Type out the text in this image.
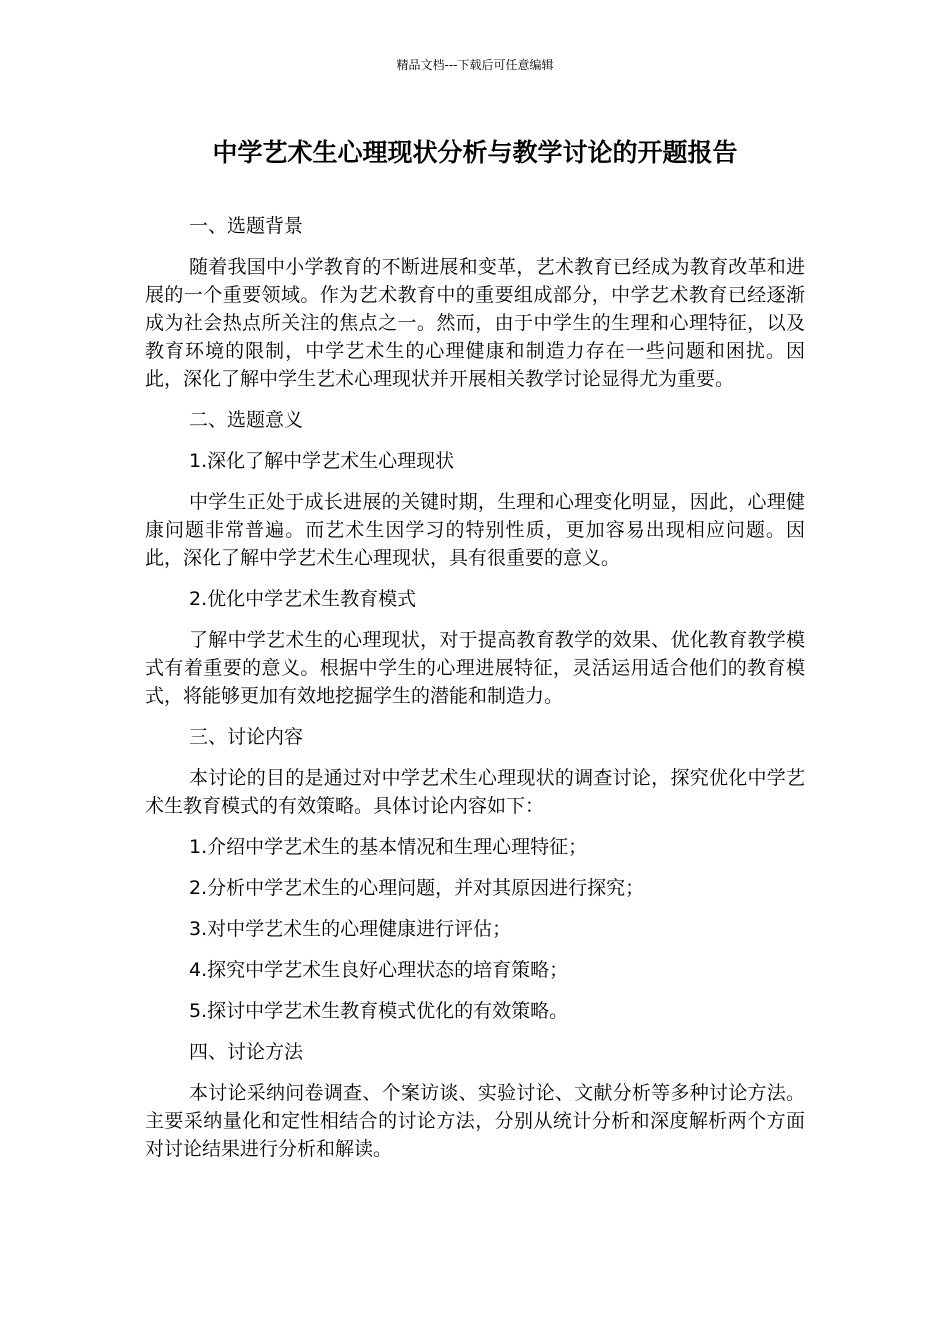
精品文档---下载后可任意编辑
中学艺术生心理现状分析与教学讨论的开题报告
一、选题背景

随着我国中小学教育的不断进展和变革，艺术教育已经成为教育改革和进展的一个重要领域。作为艺术教育中的重要组成部分，中学艺术教育已经逐渐成为社会热点所关注的焦点之一。然而，由于中学生的生理和心理特征，以及教育环境的限制，中学艺术生的心理健康和制造力存在一些问题和困扰。因此，深化了解中学生艺术心理现状并开展相关教学讨论显得尤为重要。

二、选题意义
1.深化了解中学艺术生心理现状

中学生正处于成长进展的关键时期，生理和心理变化明显，因此，心理健康问题非常普遍。而艺术生因学习的特别性质，更加容易出现相应问题。因此，深化了解中学艺术生心理现状，具有很重要的意义。

2.优化中学艺术生教育模式

了解中学艺术生的心理现状，对于提高教育教学的效果、优化教育教学模式有着重要的意义。根据中学生的心理进展特征，灵活运用适合他们的教育模式，将能够更加有效地挖掘学生的潜能和制造力。

三、讨论内容

本讨论的目的是通过对中学艺术生心理现状的调查讨论，探究优化中学艺术生教育模式的有效策略。具体讨论内容如下：

1.介绍中学艺术生的基本情况和生理心理特征；
2.分析中学艺术生的心理问题，并对其原因进行探究；
3.对中学艺术生的心理健康进行评估；
4.探究中学艺术生良好心理状态的培育策略；
5.探讨中学艺术生教育模式优化的有效策略。
四、讨论方法

本讨论采纳问卷调查、个案访谈、实验讨论、文献分析等多种讨论方法。主要采纳量化和定性相结合的讨论方法，分别从统计分析和深度解析两个方面对讨论结果进行分析和解读。
